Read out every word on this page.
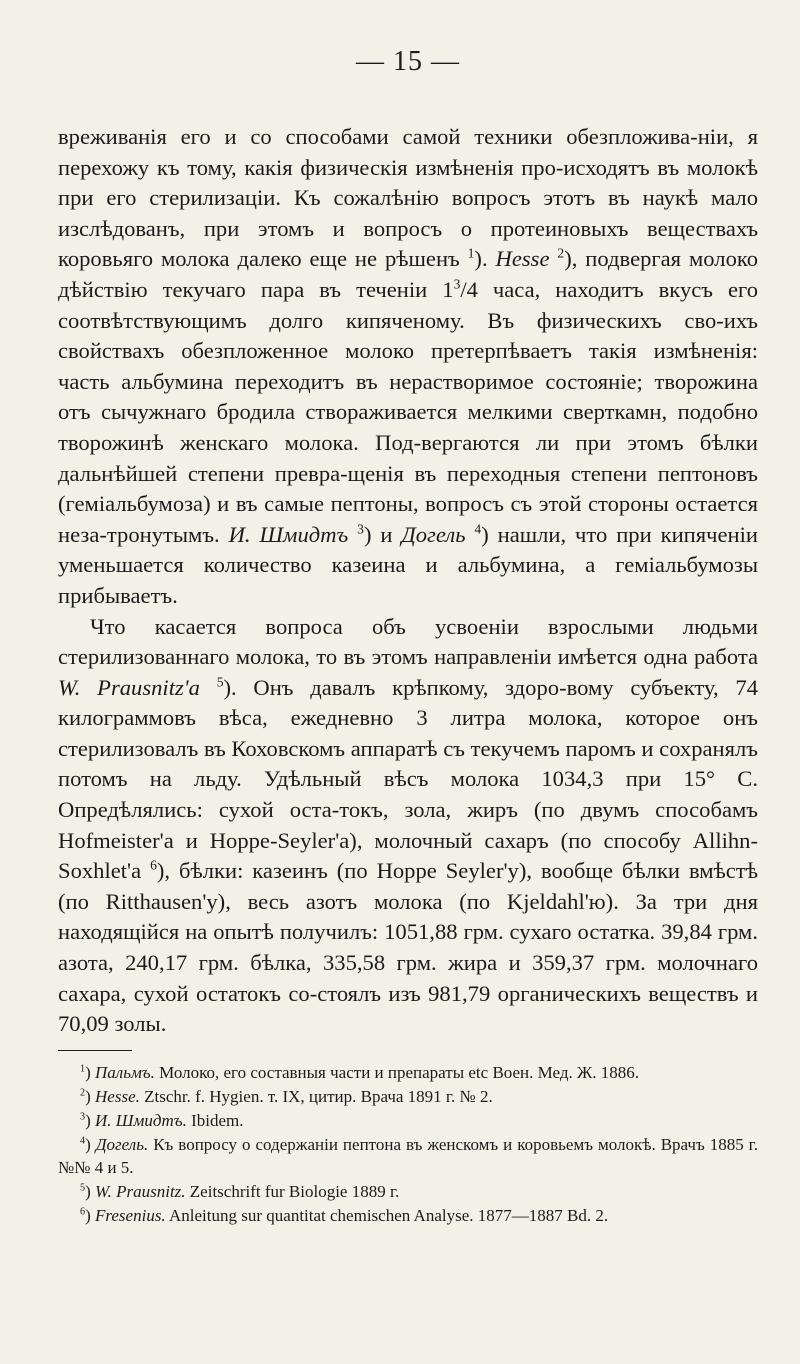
— 15 —

вреживанія его и со способами самой техники обезпложива-ніи, я перехожу къ тому, какія физическія измѣненія про-исходятъ въ молокѣ при его стерилизаціи. Къ сожалѣнію вопросъ этотъ въ наукѣ мало изслѣдованъ, при этомъ и вопросъ о протеиновыхъ веществахъ коровьяго молока далеко еще не рѣшенъ $^1$). Hesse $^2$), подвергая молоко дѣйствію текучаго пара въ теченіи $1^3/4$ часа, находитъ вкусъ его соотвѣтствующимъ долго кипяченому. Въ физическихъ сво-ихъ свойствахъ обезпложенное молоко претерпѣваетъ такія измѣненія: часть альбумина переходитъ въ нерастворимое состояніе; творожина отъ сычужнаго бродила створаживается мелкими сверткамн, подобно творожинѣ женскаго молока. Под-вергаются ли при этомъ бѣлки дальнѣйшей степени превра-щенія въ переходныя степени пептоновъ (геміальбумоза) и въ самые пептоны, вопросъ съ этой стороны остается неза-тронутымъ. И. Шмидтъ $^3$) и Догель $^4$) нашли, что при кипяченіи уменьшается количество казеина и альбумина, а геміальбумозы прибываетъ.

Что касается вопроса объ усвоеніи взрослыми людьми стерилизованнаго молока, то въ этомъ направленіи имѣется одна работа W. Prausnitz'a $^5$). Онъ давалъ крѣпкому, здоро-вому субъекту, 74 килограммовъ вѣса, ежедневно 3 литра молока, которое онъ стерилизовалъ въ Коховскомъ аппаратѣ съ текучемъ паромъ и сохранялъ потомъ на льду. Удѣльный вѣсъ молока 1034,3 при 15° С. Опредѣлялись: сухой оста-токъ, зола, жиръ (по двумъ способамъ Hofmeister'a и Норре-Seyler'a), молочный сахаръ (по способу Allihn-Soxhlet'a $^6$), бѣлки: казеинъ (по Норре Seyler'у), вообще бѣлки вмѣстѣ (по Ritthausen'у), весь азотъ молока (по Kjeldahl'ю). За три дня находящійся на опытѣ получилъ: 1051,88 грм. сухаго остатка. 39,84 грм. азота, 240,17 грм. бѣлка, 335,58 грм. жира и 359,37 грм. молочнаго сахара, сухой остатокъ со-стоялъ изъ 981,79 органическихъ веществъ и 70,09 золы.

$^1$) Пальмъ. Молоко, его составныя части и препараты etc Воен. Мед. Ж. 1886.
$^2$) Hesse. Ztschr. f. Hygien. т. IX, цитир. Врача 1891 г. № 2.
$^3$) И. Шмидтъ. Ibidem.
$^4$) Догель. Къ вопросу о содержаніи пептона въ женскомъ и коровьемъ молокѣ. Врачъ 1885 г. №№ 4 и 5.
$^5$) W. Prausnitz. Zeitschrift fur Biologie 1889 г.
$^6$) Fresenius. Anleitung sur quantitat chemischen Analyse. 1877—1887 Bd. 2.
